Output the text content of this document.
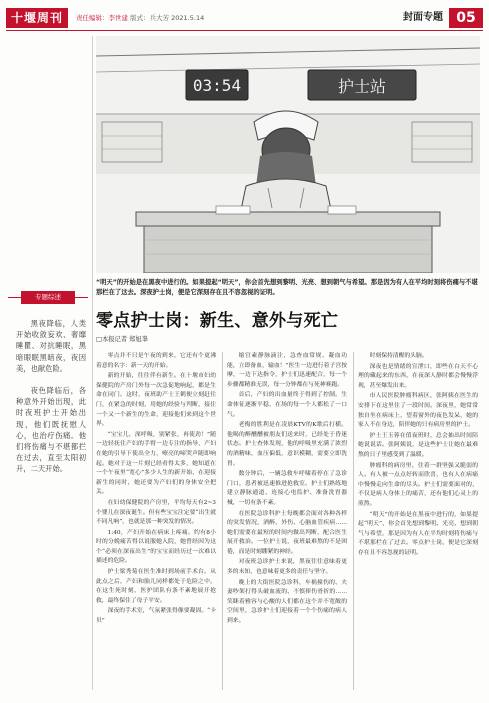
十堰周刊	责任编辑：李世建 版式：兵大芳 2021.5.14	封面专题 05
03:54	护士站
“明天”的开始是在黑夜中进行的。如果提起“明天”，你会首先想到黎明、光亮、想到朝气与希望。那是因为有人在平均时刻将伤痛与不堪那栏在了这去。深夜护士岗，便是它深刻存在且不容忽视的证明。
零点护士岗：新生、意外与死亡
□本报记者 郑旭峯
专题综述

黑夜降临，人类开始收敛妄欢、奢靡睡瞿、对抗睡眠，黑暗眼眠黑暗夜，夜因美，也献危险。

夜色降临后，各种意外开始出现，此时夜班护士开始出现，他们既抚慰人心，也治疗伤痛。他们将伤痛与不堪都拦在过去，直至太阳初升，二天开始。

零点并不只是午夜的到来，它还有个更沸着意的名字：新一天的开始。

新的开始，往往伴有新生。在十堰市妇幼保健院的产房门外每一次急促地响起，都是生命在同门。这时，夜班助产士王鹤便立刻赶往门，在紧急的时刻，用她的经验与判断，接住一个又一个新生的生命，迎接他们来到这个世界。

“宝宝儿，深呼吸，别紧张，再使劲！”随一边轻抚住产妇的手臂一边专注的指导，产妇在她的引导下使出全力，嘹亮的啼哭声随即响起。她对于这一片刻已经看得太多，她知道在一个午夜里“宽心”多少人生的新开始，在迎接新生的同时，她还要为产妇们的身体安全把关。

在妇幼保健院的产房里，平均每天有2~3个婴儿在深夜诞生。但有些宝宝注定要“出生就不同凡响”，也就是那一种突发的情况。

1:40，产妇开始在病床上疼痛。约有8小时的分娩痛苦得以说服她入院，她曾经因为这个“必须在深夜出生”的宝宝而经历过一次难以描述的危险。

护士梁秀菊在医生准时到场前手术台。从此点之后，产妇和胎儿同样都处于危险之中。在这生死时刻，医护团队有条不紊地展开抢救，最终保住了母子平安。

深夜的手术室，气氛紧张得像要凝固。“卡贝”

缩宫素静脉滴注，急查血常规、凝血功能，立即备血，输血！”医生一边进行着子宫按摩，一边下达指令，护士们迅速配合，每一个步骤都精准无误，每一分钟都在与死神赛跑。

首后，产妇的出血量终于得到了控制。生命体征逐渐平稳，在场的每一个人都松了一口气。

老梅的胜利是在凌晨KTV的K歌后打横。他喝的醉醺醺被朋友们送来时，已经处于昏迷状态。护士查体发现，他的呼吸里充满了浓烈的酒精味，血压偏低，意识模糊，需要立即洗胃。

数分钟后，一辆急救车呼啸着停在了急诊门口，患者被迅速推进抢救室。护士们熟练地建立静脉通道、连接心电监护、准备洗胃器械，一切有条不紊。

在医院急诊科护士每晚都会面对各种各样的突发情况，酒醉、外伤、心脑血管疾病……她们需要在最短的时间内做出判断，配合医生展开救治。一位护士说，夜班最难熬的不是困倦，而是时刻绷紧的神经。

对夜班急诊护士来说，黑夜往往意味着更多的未知，也意味着更多的责任与坚守。

晚上的大街医院急诊科，车祸撞伤的、夫妻吵架打得头破血流的、不慎摔伤骨折的……笑眯着雅容与心酸的人们都在这个并不宽敞的空间里，急诊护士们迎接着一个个伤痛的病人到来。

时刻保持清醒的头脑。

深夜也是情绪的宣泄口，即些在白天不心理的藏起来的东西，在夜深人静时都会慢慢浮现，甚至爆发出来。

市人民医院肿瘤科病区，张阿姨在医生的安排下在这里住了一段时间。深夜里，她常常独自坐在病床上，望着窗外的夜色发呆，她的家人不在身边，陪伴她的只有病房里的护士。

护士王玉蓉在值夜班时，总会抽出时间陪她说说话。张阿姨说，是这些护士让她在最难熬的日子里感受到了温暖。

肿瘤科的病房里，住着一群坚强又脆弱的人。有人被一点点好转而欣喜，也有人在病痛中慢慢走向生命的尽头。护士们需要面对的，不仅是病人身体上的痛苦，还有他们心灵上的煎熬。

“明天”的开始是在黑夜中进行的，如果提起“明天”，你会首先想到黎明、光亮、想到朝气与希望，那是因为有人在平均时刻将伤痛与不堪那栏在了过去。零点护士岗，便是它深刻存在且不容忽视的证明。
